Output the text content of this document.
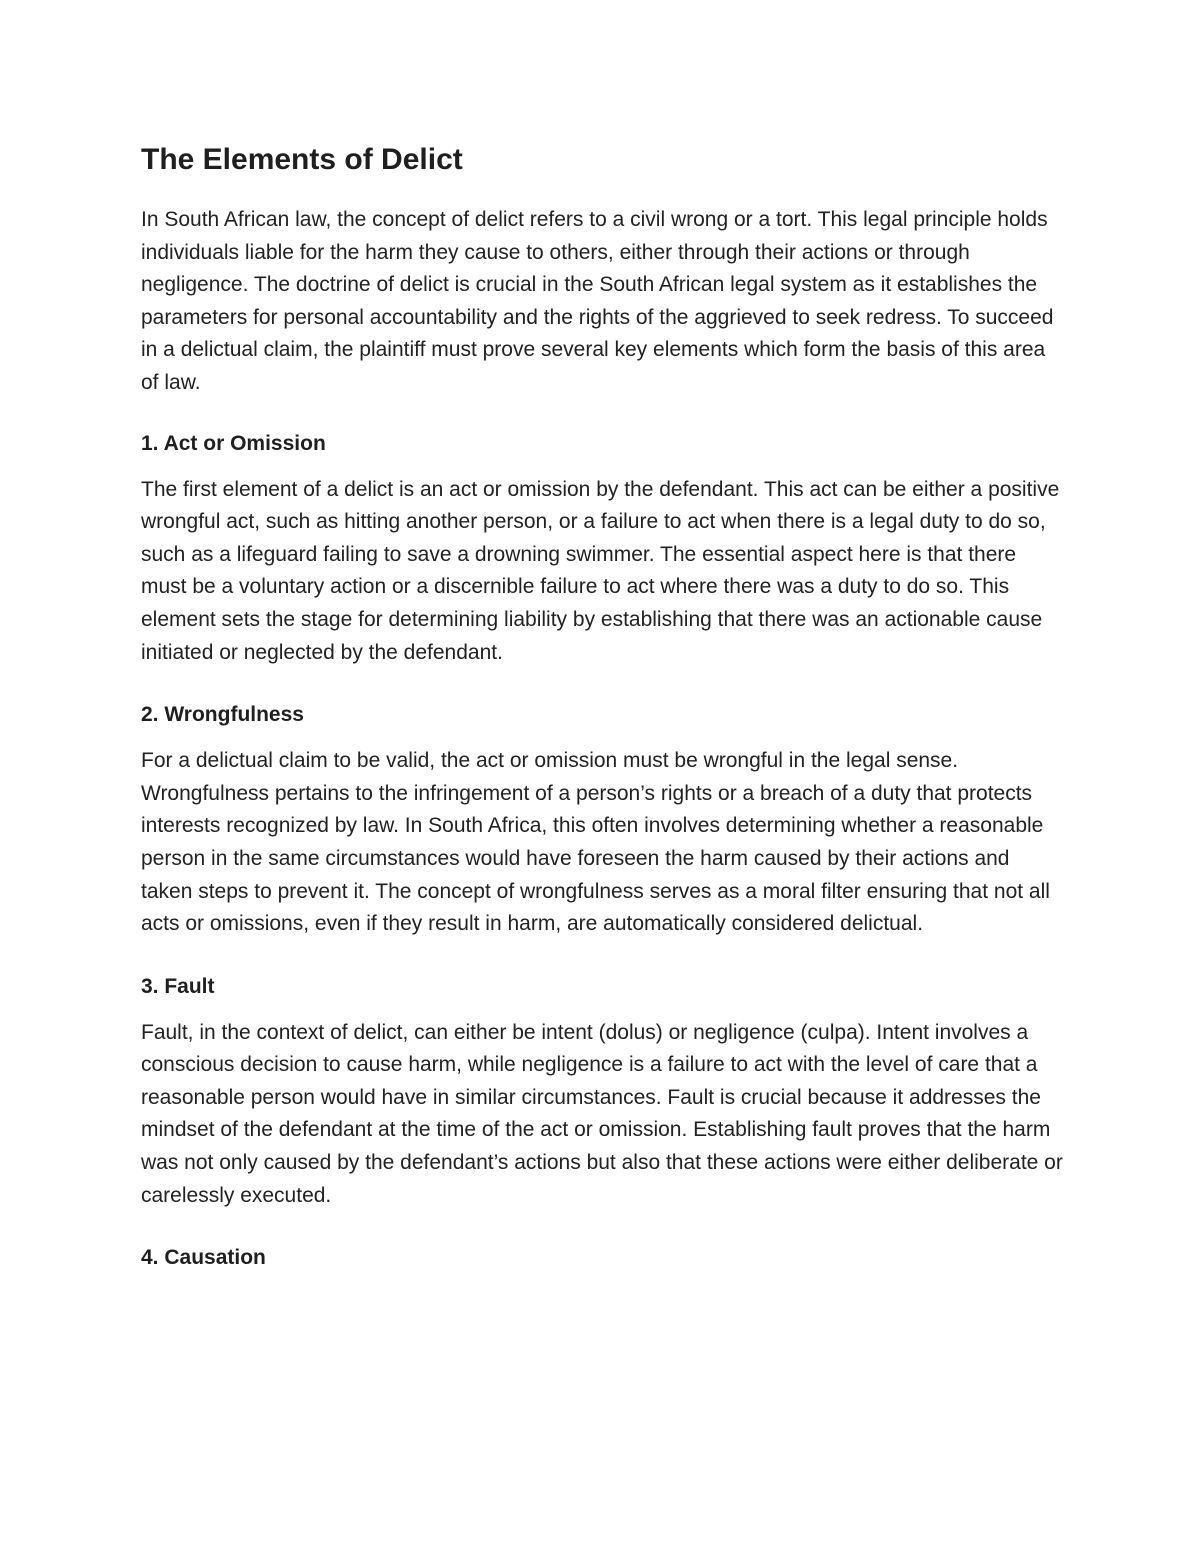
The Elements of Delict

In South African law, the concept of delict refers to a civil wrong or a tort. This legal principle holds individuals liable for the harm they cause to others, either through their actions or through negligence. The doctrine of delict is crucial in the South African legal system as it establishes the parameters for personal accountability and the rights of the aggrieved to seek redress. To succeed in a delictual claim, the plaintiff must prove several key elements which form the basis of this area of law.

1. Act or Omission

The first element of a delict is an act or omission by the defendant. This act can be either a positive wrongful act, such as hitting another person, or a failure to act when there is a legal duty to do so, such as a lifeguard failing to save a drowning swimmer. The essential aspect here is that there must be a voluntary action or a discernible failure to act where there was a duty to do so. This element sets the stage for determining liability by establishing that there was an actionable cause initiated or neglected by the defendant.

2. Wrongfulness

For a delictual claim to be valid, the act or omission must be wrongful in the legal sense. Wrongfulness pertains to the infringement of a person’s rights or a breach of a duty that protects interests recognized by law. In South Africa, this often involves determining whether a reasonable person in the same circumstances would have foreseen the harm caused by their actions and taken steps to prevent it. The concept of wrongfulness serves as a moral filter ensuring that not all acts or omissions, even if they result in harm, are automatically considered delictual.

3. Fault

Fault, in the context of delict, can either be intent (dolus) or negligence (culpa). Intent involves a conscious decision to cause harm, while negligence is a failure to act with the level of care that a reasonable person would have in similar circumstances. Fault is crucial because it addresses the mindset of the defendant at the time of the act or omission. Establishing fault proves that the harm was not only caused by the defendant’s actions but also that these actions were either deliberate or carelessly executed.

4. Causation
